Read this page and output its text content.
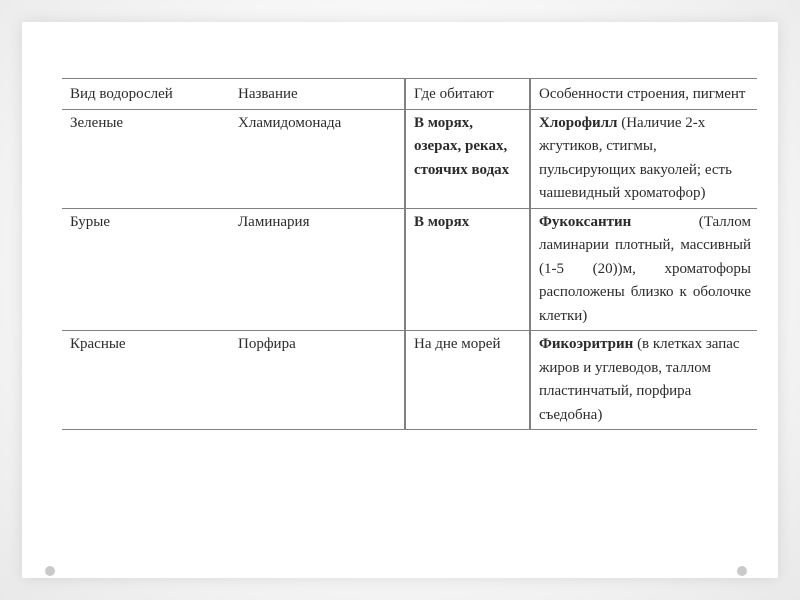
Вид водорослей	Название	Где обитают	Особенности строения, пигмент
Зеленые	Хламидомонада	В морях, озерах, реках, стоячих водах	Хлорофилл (Наличие 2-х жгутиков, стигмы, пульсирующих вакуолей; есть чашевидный хроматофор)
Бурые	Ламинария	В морях	Фукоксантин (Таллом ламинарии плотный, массивный (1-5 (20))м, хроматофоры расположены близко к оболочке клетки)
Красные	Порфира	На дне морей	Фикоэритрин (в клетках запас жиров и углеводов, таллом пластинчатый, порфира съедобна)
